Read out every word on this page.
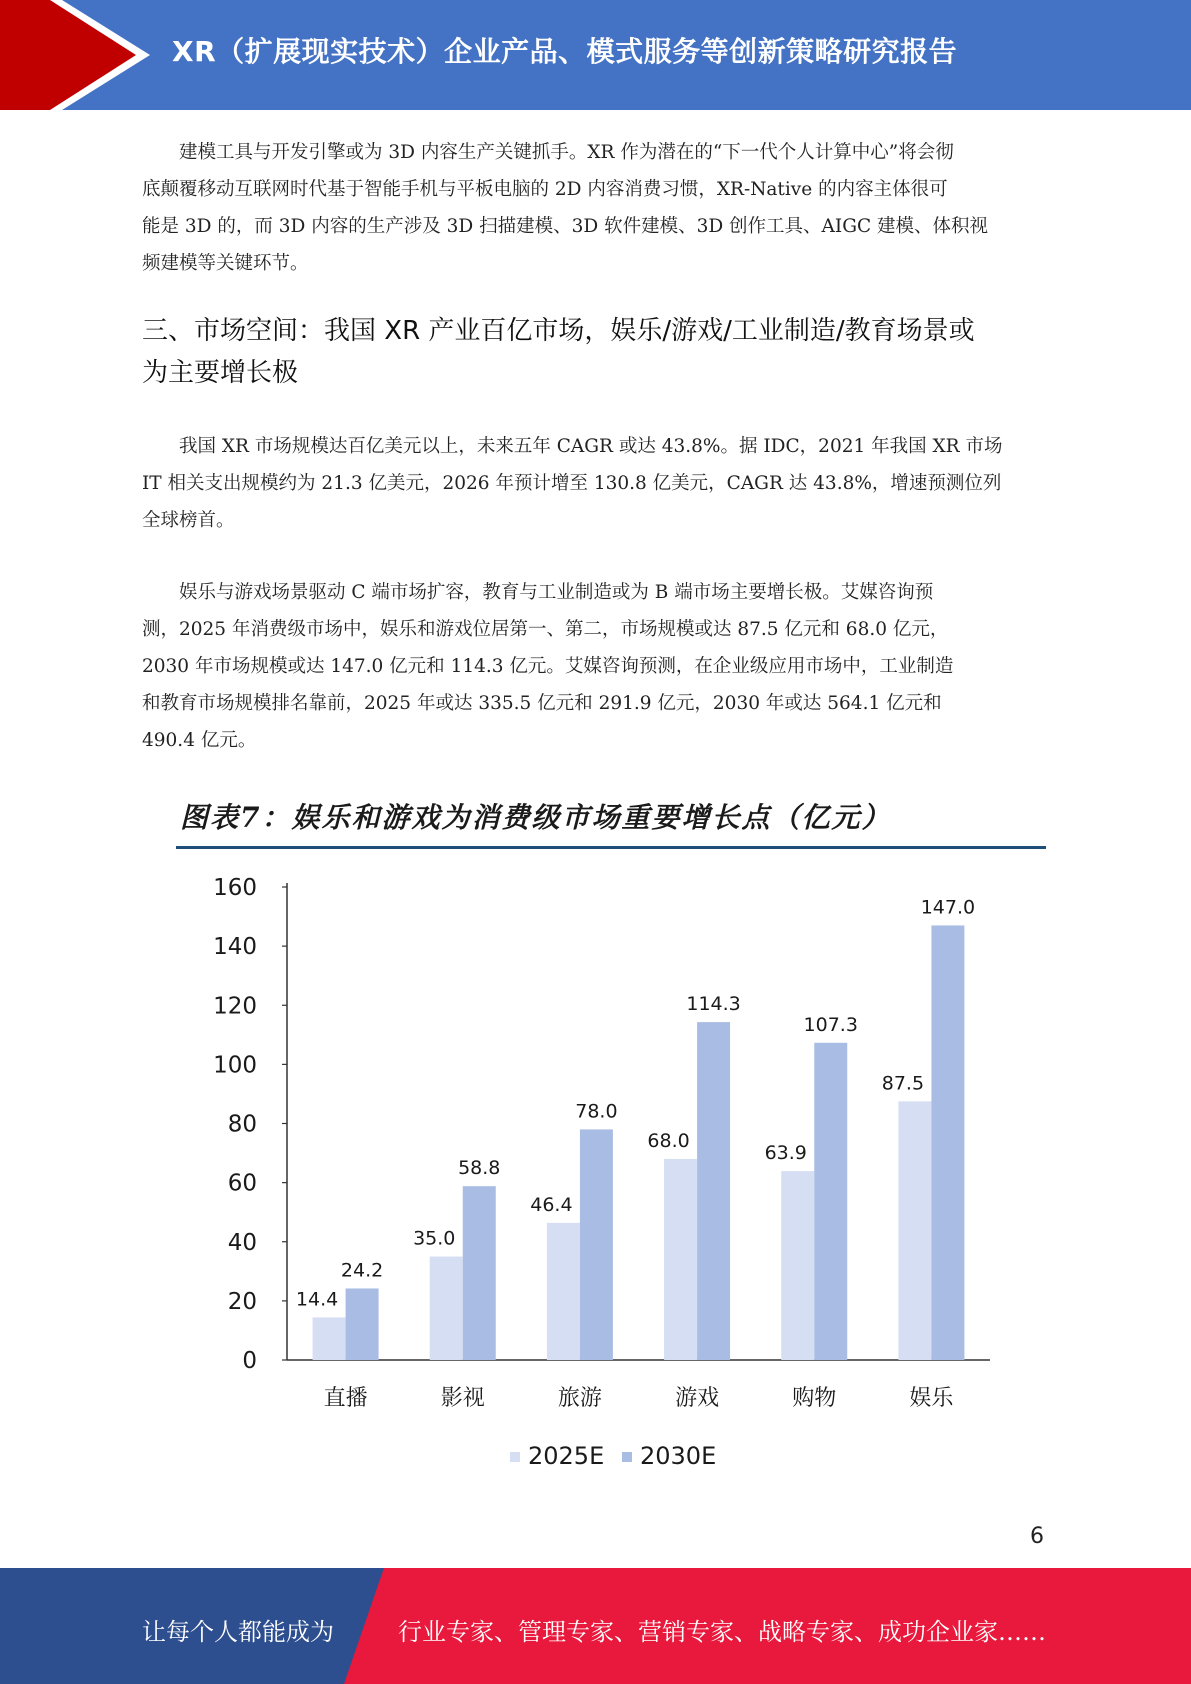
XR（扩展现实技术）企业产品、模式服务等创新策略研究报告
建模工具与开发引擎或为 3D 内容生产关键抓手。XR 作为潜在的“下一代个人计算中心”将会彻
底颠覆移动互联网时代基于智能手机与平板电脑的 2D 内容消费习惯，XR-Native 的内容主体很可
能是 3D 的，而 3D 内容的生产涉及 3D 扫描建模、3D 软件建模、3D 创作工具、AIGC 建模、体积视
频建模等关键环节。
三、市场空间：我国 XR 产业百亿市场，娱乐/游戏/工业制造/教育场景或
为主要增长极
我国 XR 市场规模达百亿美元以上，未来五年 CAGR 或达 43.8%。据 IDC，2021 年我国 XR 市场
IT 相关支出规模约为 21.3 亿美元，2026 年预计增至 130.8 亿美元，CAGR 达 43.8%，增速预测位列
全球榜首。
娱乐与游戏场景驱动 C 端市场扩容，教育与工业制造或为 B 端市场主要增长极。艾媒咨询预
测，2025 年消费级市场中，娱乐和游戏位居第一、第二，市场规模或达 87.5 亿元和 68.0 亿元，
2030 年市场规模或达 147.0 亿元和 114.3 亿元。艾媒咨询预测，在企业级应用市场中，工业制造
和教育市场规模排名靠前，2025 年或达 335.5 亿元和 291.9 亿元，2030 年或达 564.1 亿元和
490.4 亿元。
图表7：娱乐和游戏为消费级市场重要增长点（亿元）
0
20
40
60
80
100
120
140
160
14.4
24.2
直播
35.0
58.8
影视
46.4
78.0
旅游
68.0
114.3
游戏
63.9
107.3
购物
87.5
147.0
娱乐
2025E 2030E
6
让每个人都能成为	行业专家、管理专家、营销专家、战略专家、成功企业家……
